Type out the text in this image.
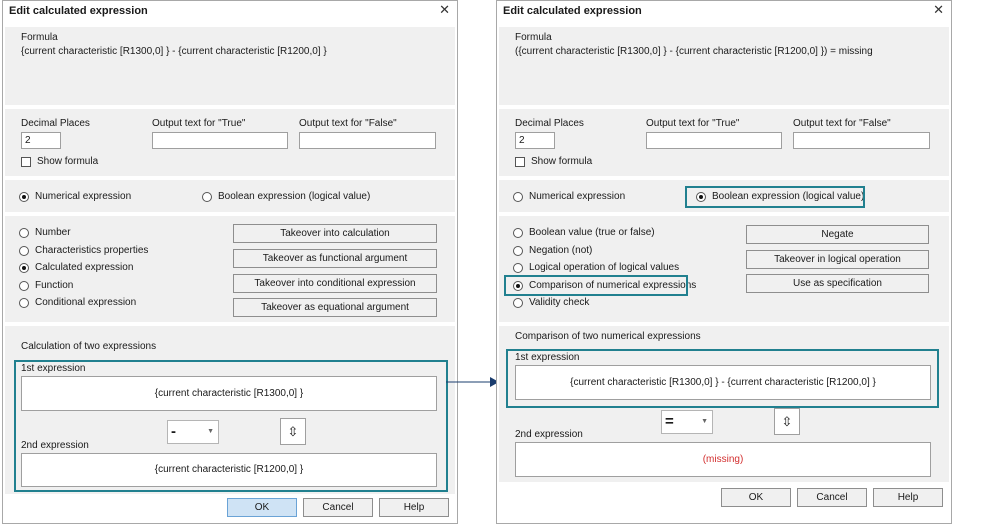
Edit calculated expression	✕
Formula
{current characteristic [R1300,0] } - {current characteristic [R1200,0] }
Decimal Places
2
Output text for "True"	Output text for "False"
Show formula
Numerical expression	Boolean expression (logical value)
Number
Characteristics properties
Calculated expression
Function
Conditional expression
Takeover into calculation
Takeover as functional argument
Takeover into conditional expression
Takeover as equational argument
Calculation of two expressions
1st expression
{current characteristic [R1300,0] }
-	▼	⇳
2nd expression
{current characteristic [R1200,0] }
OK	Cancel	Help
Edit calculated expression	✕
Formula
({current characteristic [R1300,0] } - {current characteristic [R1200,0] }) = missing
Decimal Places
2
Output text for "True"	Output text for "False"
Show formula
Numerical expression	Boolean expression (logical value)
Boolean value (true or false)
Negation (not)
Logical operation of logical values
Comparison of numerical expressions
Validity check
Negate
Takeover in logical operation
Use as specification
Comparison of two numerical expressions
1st expression
{current characteristic [R1300,0] } - {current characteristic [R1200,0] }
=	▼	⇳
2nd expression
(missing)
OK	Cancel	Help
